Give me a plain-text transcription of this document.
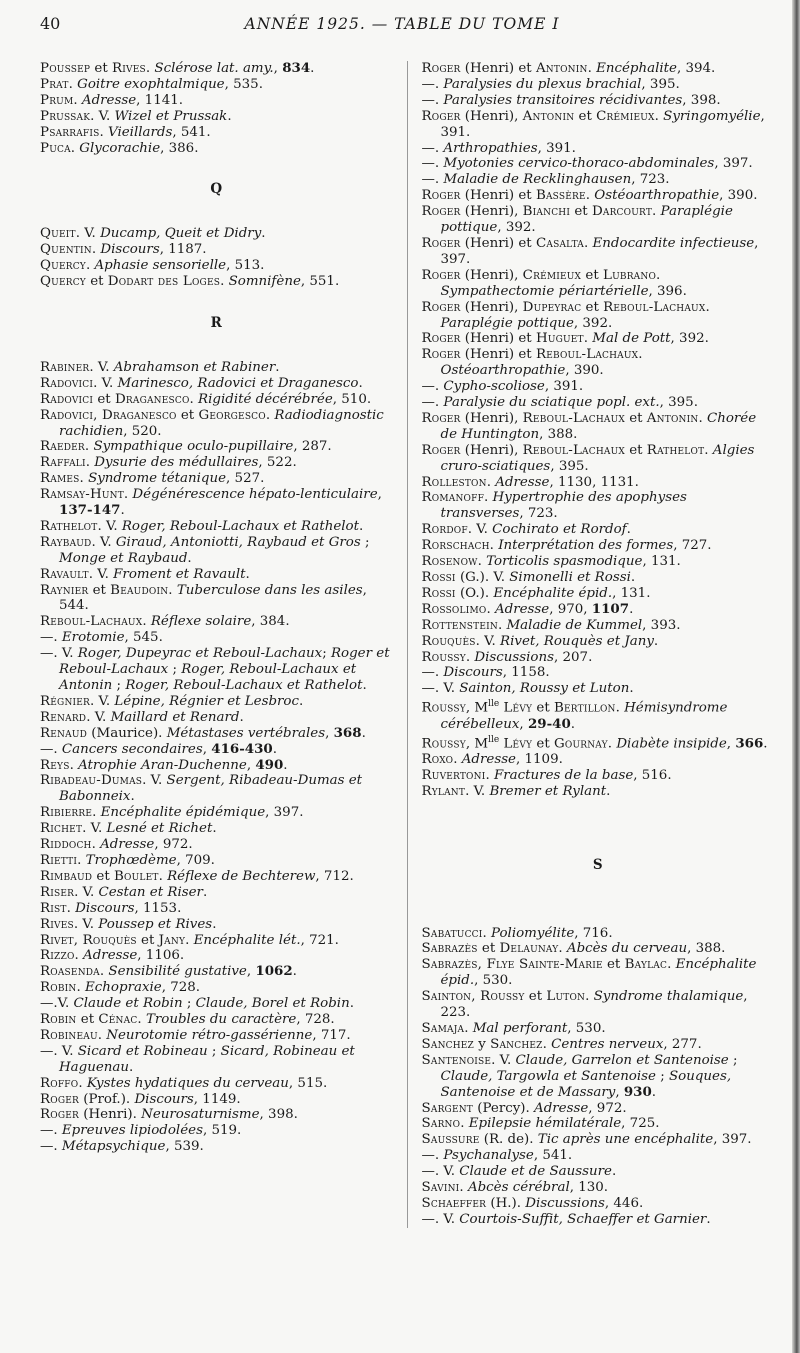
40	ANNÉE 1925. — TABLE DU TOME I
Poussep et Rives. Sclérose lat. amy., 834.
Prat. Goitre exophtalmique, 535.
Prum. Adresse, 1141.
Prussak. V. Wizel et Prussak.
Psarrafis. Vieillards, 541.
Puca. Glycorachie, 386.
Q
Queit. V. Ducamp, Queit et Didry.
Quentin. Discours, 1187.
Quercy. Aphasie sensorielle, 513.
Quercy et Dodart des Loges. Somnifène, 551.
R
Rabiner. V. Abrahamson et Rabiner.
Radovici. V. Marinesco, Radovici et Draganesco.
Radovici et Draganesco. Rigidité décérébrée, 510.
Radovici, Draganesco et Georgesco. Radiodiagnostic rachidien, 520.
Raeder. Sympathique oculo-pupillaire, 287.
Raffali. Dysurie des médullaires, 522.
Rames. Syndrome tétanique, 527.
Ramsay-Hunt. Dégénérescence hépato-lenticulaire, 137-147.
Rathelot. V. Roger, Reboul-Lachaux et Rathelot.
Raybaud. V. Giraud, Antoniotti, Raybaud et Gros ; Monge et Raybaud.
Ravault. V. Froment et Ravault.
Raynier et Beaudoin. Tuberculose dans les asiles, 544.
Reboul-Lachaux. Réflexe solaire, 384.
—. Erotomie, 545.
—. V. Roger, Dupeyrac et Reboul-Lachaux; Roger et Reboul-Lachaux ; Roger, Reboul-Lachaux et Antonin ; Roger, Reboul-Lachaux et Rathelot.
Régnier. V. Lépine, Régnier et Lesbroc.
Renard. V. Maillard et Renard.
Renaud (Maurice). Métastases vertébrales, 368.
—. Cancers secondaires, 416-430.
Reys. Atrophie Aran-Duchenne, 490.
Ribadeau-Dumas. V. Sergent, Ribadeau-Dumas et Babonneix.
Ribierre. Encéphalite épidémique, 397.
Richet. V. Lesné et Richet.
Riddoch. Adresse, 972.
Rietti. Trophœdème, 709.
Rimbaud et Boulet. Réflexe de Bechterew, 712.
Riser. V. Cestan et Riser.
Rist. Discours, 1153.
Rives. V. Poussep et Rives.
Rivet, Rouquès et Jany. Encéphalite lét., 721.
Rizzo. Adresse, 1106.
Roasenda. Sensibilité gustative, 1062.
Robin. Echopraxie, 728.
—.V. Claude et Robin ; Claude, Borel et Robin.
Robin et Cénac. Troubles du caractère, 728.
Robineau. Neurotomie rétro-gassérienne, 717.
—. V. Sicard et Robineau ; Sicard, Robineau et Haguenau.
Roffo. Kystes hydatiques du cerveau, 515.
Roger (Prof.). Discours, 1149.
Roger (Henri). Neurosaturnisme, 398.
—. Epreuves lipiodolées, 519.
—. Métapsychique, 539.
Roger (Henri) et Antonin. Encéphalite, 394.
—. Paralysies du plexus brachial, 395.
—. Paralysies transitoires récidivantes, 398.
Roger (Henri), Antonin et Crémieux. Syringomyélie, 391.
—. Arthropathies, 391.
—. Myotonies cervico-thoraco-abdominales, 397.
—. Maladie de Recklinghausen, 723.
Roger (Henri) et Bassère. Ostéoarthropathie, 390.
Roger (Henri), Bianchi et Darcourt. Paraplégie pottique, 392.
Roger (Henri) et Casalta. Endocardite infectieuse, 397.
Roger (Henri), Crémieux et Lubrano. Sympathectomie périartérielle, 396.
Roger (Henri), Dupeyrac et Reboul-Lachaux. Paraplégie pottique, 392.
Roger (Henri) et Huguet. Mal de Pott, 392.
Roger (Henri) et Reboul-Lachaux. Ostéoarthropathie, 390.
—. Cypho-scoliose, 391.
—. Paralysie du sciatique popl. ext., 395.
Roger (Henri), Reboul-Lachaux et Antonin. Chorée de Huntington, 388.
Roger (Henri), Reboul-Lachaux et Rathelot. Algies cruro-sciatiques, 395.
Rolleston. Adresse, 1130, 1131.
Romanoff. Hypertrophie des apophyses transverses, 723.
Rordof. V. Cochirato et Rordof.
Rorschach. Interprétation des formes, 727.
Rosenow. Torticolis spasmodique, 131.
Rossi (G.). V. Simonelli et Rossi.
Rossi (O.). Encéphalite épid., 131.
Rossolimo. Adresse, 970, 1107.
Rottenstein. Maladie de Kummel, 393.
Rouquès. V. Rivet, Rouquès et Jany.
Roussy. Discussions, 207.
—. Discours, 1158.
—. V. Sainton, Roussy et Luton.
Roussy, $M^{lle}$ Lévy et Bertillon. Hémisyndrome cérébelleux, 29-40.
Roussy, $M^{lle}$ Lévy et Gournay. Diabète insipide, 366.
Roxo. Adresse, 1109.
Ruvertoni. Fractures de la base, 516.
Rylant. V. Bremer et Rylant.
S
Sabatucci. Poliomyélite, 716.
Sabrazès et Delaunay. Abcès du cerveau, 388.
Sabrazès, Flye Sainte-Marie et Baylac. Encéphalite épid., 530.
Sainton, Roussy et Luton. Syndrome thalamique, 223.
Samaja. Mal perforant, 530.
Sanchez y Sanchez. Centres nerveux, 277.
Santenoise. V. Claude, Garrelon et Santenoise ; Claude, Targowla et Santenoise ; Souques, Santenoise et de Massary, 930.
Sargent (Percy). Adresse, 972.
Sarno. Epilepsie hémilatérale, 725.
Saussure (R. de). Tic après une encéphalite, 397.
—. Psychanalyse, 541.
—. V. Claude et de Saussure.
Savini. Abcès cérébral, 130.
Schaeffer (H.). Discussions, 446.
—. V. Courtois-Suffit, Schaeffer et Garnier.
